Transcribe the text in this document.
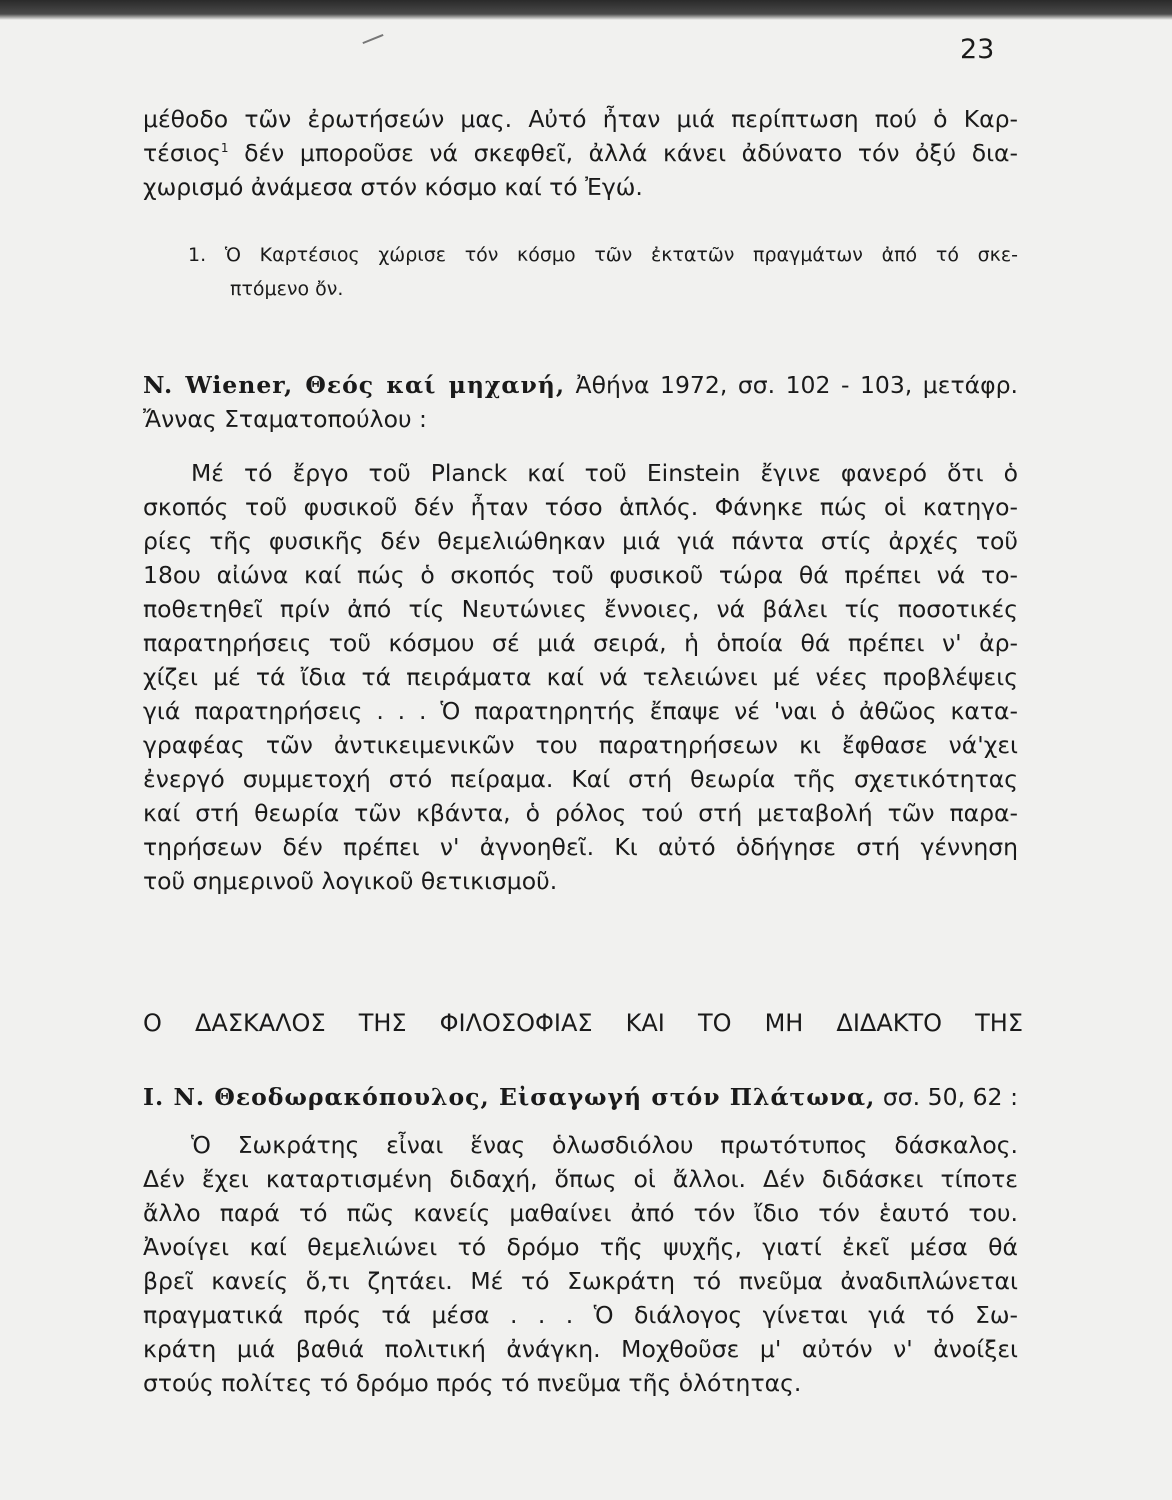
23
μέθοδο τῶν ἐρωτήσεών μας. Αὐτό ἦταν μιά περίπτωση πού ὁ Καρ-
τέσιος$^1$ δέν μποροῦσε νά σκεφθεῖ, ἀλλά κάνει ἀδύνατο τόν ὀξύ δια-
χωρισμό ἀνάμεσα στόν κόσμο καί τό Ἐγώ.
1. Ὁ Καρτέσιος χώρισε τόν κόσμο τῶν ἐκτατῶν πραγμάτων ἀπό τό σκε-
πτόμενο ὄν.
N. Wiener, Θεός καί μηχανή, Ἀθήνα 1972, σσ. 102 - 103, μετάφρ.
Ἄννας Σταματοπούλου :
Μέ τό ἔργο τοῦ Planck καί τοῦ Einstein ἔγινε φανερό ὅτι ὁ
σκοπός τοῦ φυσικοῦ δέν ἦταν τόσο ἁπλός. Φάνηκε πώς οἱ κατηγο-
ρίες τῆς φυσικῆς δέν θεμελιώθηκαν μιά γιά πάντα στίς ἀρχές τοῦ
18ου αἰώνα καί πώς ὁ σκοπός τοῦ φυσικοῦ τώρα θά πρέπει νά το-
ποθετηθεῖ πρίν ἀπό τίς Νευτώνιες ἔννοιες, νά βάλει τίς ποσοτικές
παρατηρήσεις τοῦ κόσμου σέ μιά σειρά, ἡ ὁποία θά πρέπει ν' ἀρ-
χίζει μέ τά ἴδια τά πειράματα καί νά τελειώνει μέ νέες προβλέψεις
γιά παρατηρήσεις . . . Ὁ παρατηρητής ἔπαψε νέ 'ναι ὁ ἀθῶος κατα-
γραφέας τῶν ἀντικειμενικῶν του παρατηρήσεων κι ἔφθασε νά'χει
ἐνεργό συμμετοχή στό πείραμα. Καί στή θεωρία τῆς σχετικότητας
καί στή θεωρία τῶν κβάντα, ὁ ρόλος τού στή μεταβολή τῶν παρα-
τηρήσεων δέν πρέπει ν' ἀγνοηθεῖ. Κι αὐτό ὁδήγησε στή γέννηση
τοῦ σημερινοῦ λογικοῦ θετικισμοῦ.
Ο ΔΑΣΚΑΛΟΣ ΤΗΣ ΦΙΛΟΣΟΦΙΑΣ ΚΑΙ ΤΟ ΜΗ ΔΙΔΑΚΤΟ ΤΗΣ
Ι. Ν. Θεοδωρακόπουλος, Εἰσαγωγή στόν Πλάτωνα, σσ. 50, 62 :
Ὁ Σωκράτης εἶναι ἕνας ὁλωσδιόλου πρωτότυπος δάσκαλος.
Δέν ἔχει καταρτισμένη διδαχή, ὅπως οἱ ἄλλοι. Δέν διδάσκει τίποτε
ἄλλο παρά τό πῶς κανείς μαθαίνει ἀπό τόν ἴδιο τόν ἑαυτό του.
Ἀνοίγει καί θεμελιώνει τό δρόμο τῆς ψυχῆς, γιατί ἐκεῖ μέσα θά
βρεῖ κανείς ὅ,τι ζητάει. Μέ τό Σωκράτη τό πνεῦμα ἀναδιπλώνεται
πραγματικά πρός τά μέσα . . . Ὁ διάλογος γίνεται γιά τό Σω-
κράτη μιά βαθιά πολιτική ἀνάγκη. Μοχθοῦσε μ' αὐτόν ν' ἀνοίξει
στούς πολίτες τό δρόμο πρός τό πνεῦμα τῆς ὁλότητας.
